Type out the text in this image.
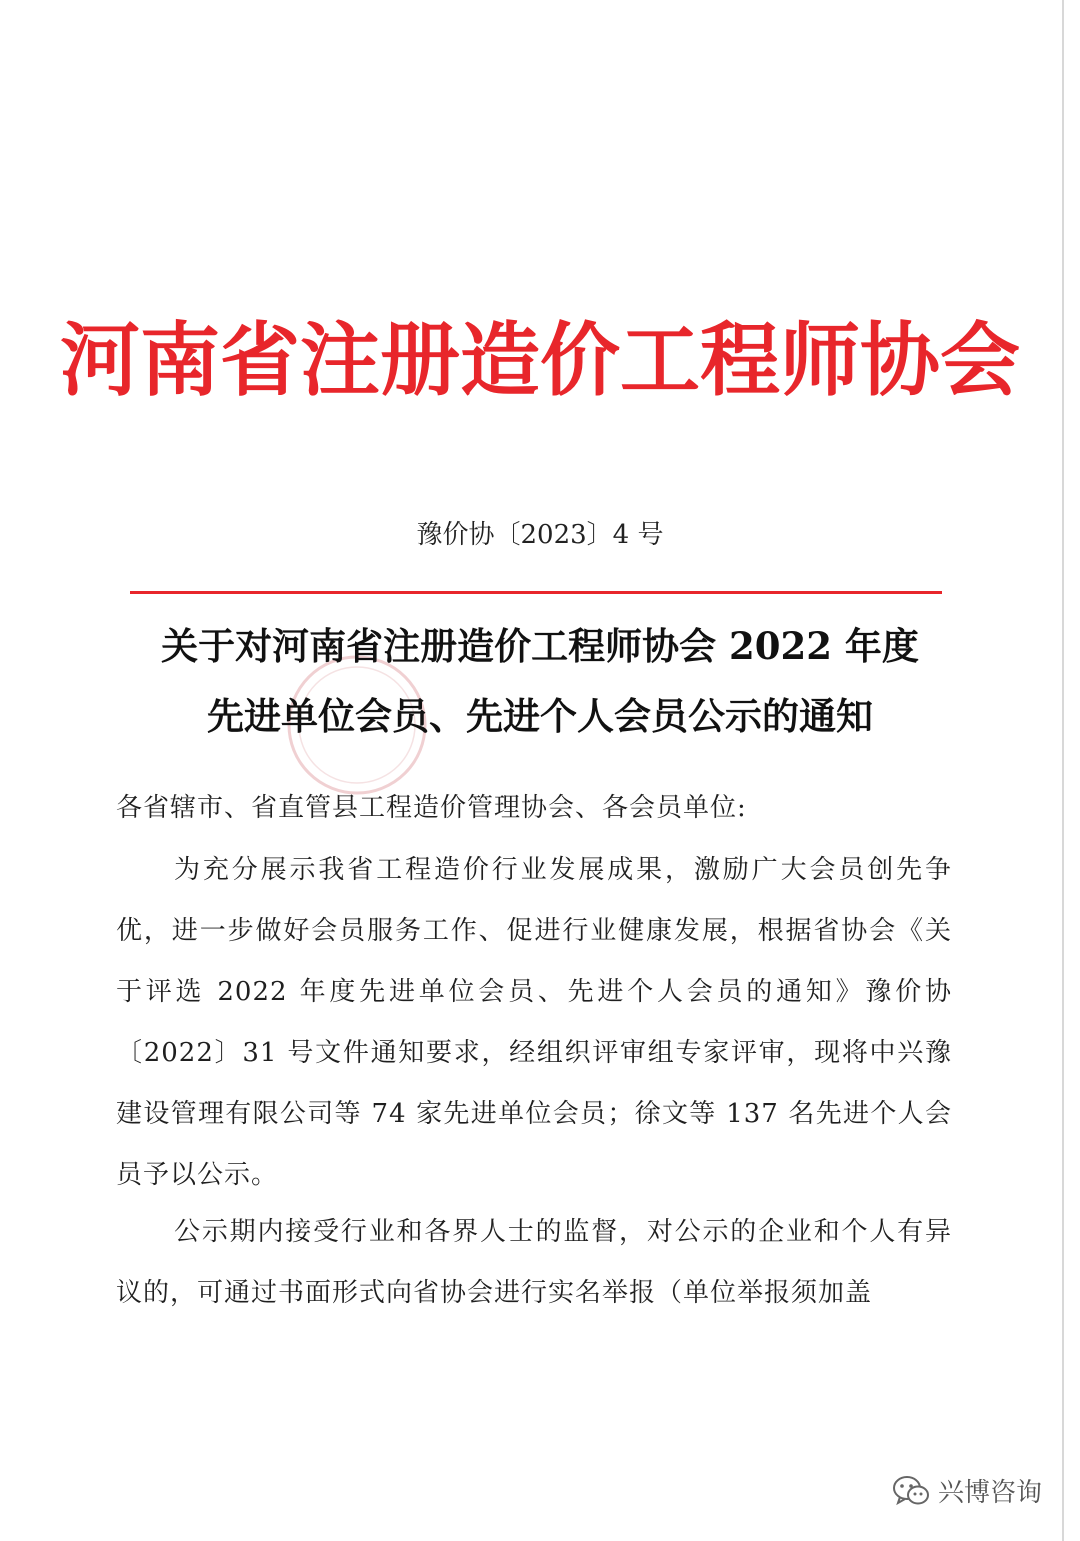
河南省注册造价工程师协会
豫价协〔2023〕4 号
关于对河南省注册造价工程师协会 2022 年度
先进单位会员、先进个人会员公示的通知
各省辖市、省直管县工程造价管理协会、各会员单位:
为充分展示我省工程造价行业发展成果，激励广大会员创先争优，进一步做好会员服务工作、促进行业健康发展，根据省协会《关于评选 2022 年度先进单位会员、先进个人会员的通知》豫价协〔2022〕31 号文件通知要求，经组织评审组专家评审，现将中兴豫建设管理有限公司等 74 家先进单位会员；徐文等 137 名先进个人会员予以公示。
公示期内接受行业和各界人士的监督，对公示的企业和个人有异议的，可通过书面形式向省协会进行实名举报（单位举报须加盖
兴博咨询
